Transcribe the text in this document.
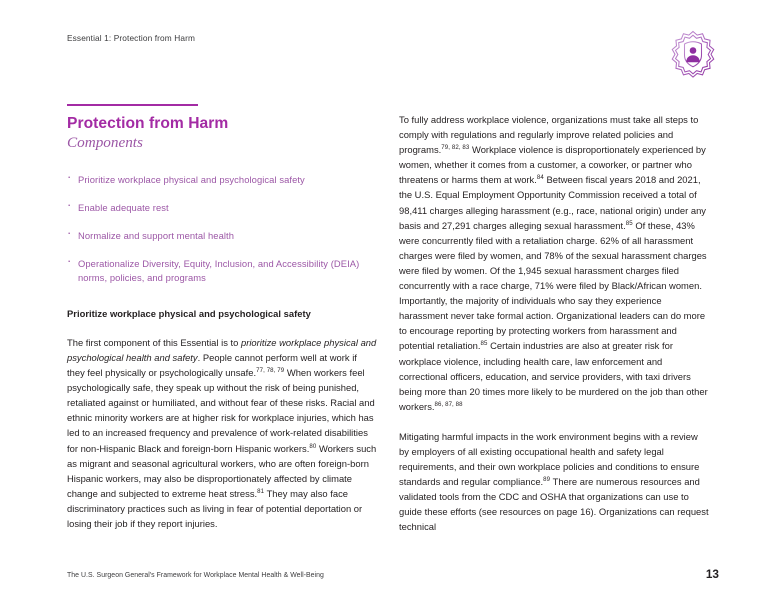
Essential 1: Protection from Harm
Protection from Harm
Components
· Prioritize workplace physical and psychological safety
· Enable adequate rest
· Normalize and support mental health
· Operationalize Diversity, Equity, Inclusion, and Accessibility (DEIA) norms, policies, and programs
Prioritize workplace physical and psychological safety

The first component of this Essential is to prioritize workplace physical and psychological health and safety. People cannot perform well at work if they feel physically or psychologically unsafe.$^{77, 78, 79}$ When workers feel psychologically safe, they speak up without the risk of being punished, retaliated against or humiliated, and without fear of these risks. Racial and ethnic minority workers are at higher risk for workplace injuries, which has led to an increased frequency and prevalence of work-related disabilities for non-Hispanic Black and foreign-born Hispanic workers.$^{80}$ Workers such as migrant and seasonal agricultural workers, who are often foreign-born Hispanic workers, may also be disproportionately affected by climate change and subjected to extreme heat stress.$^{81}$ They may also face discriminatory practices such as living in fear of potential deportation or losing their job if they report injuries.

To fully address workplace violence, organizations must take all steps to comply with regulations and regularly improve related policies and programs.$^{79, 82, 83}$ Workplace violence is disproportionately experienced by women, whether it comes from a customer, a coworker, or partner who threatens or harms them at work.$^{84}$ Between fiscal years 2018 and 2021, the U.S. Equal Employment Opportunity Commission received a total of 98,411 charges alleging harassment (e.g., race, national origin) under any basis and 27,291 charges alleging sexual harassment.$^{85}$ Of these, 43% were concurrently filed with a retaliation charge. 62% of all harassment charges were filed by women, and 78% of the sexual harassment charges were filed by women. Of the 1,945 sexual harassment charges filed concurrently with a race charge, 71% were filed by Black/African women. Importantly, the majority of individuals who say they experience harassment never take formal action. Organizational leaders can do more to encourage reporting by protecting workers from harassment and potential retaliation.$^{85}$ Certain industries are also at greater risk for workplace violence, including health care, law enforcement and correctional officers, education, and service providers, with taxi drivers being more than 20 times more likely to be murdered on the job than other workers.$^{86, 87, 88}$

Mitigating harmful impacts in the work environment begins with a review by employers of all existing occupational health and safety legal requirements, and their own workplace policies and conditions to ensure standards and regular compliance.$^{89}$ There are numerous resources and validated tools from the CDC and OSHA that organizations can use to guide these efforts (see resources on page 16). Organizations can request technical

The U.S. Surgeon General's Framework for Workplace Mental Health & Well-Being	13
